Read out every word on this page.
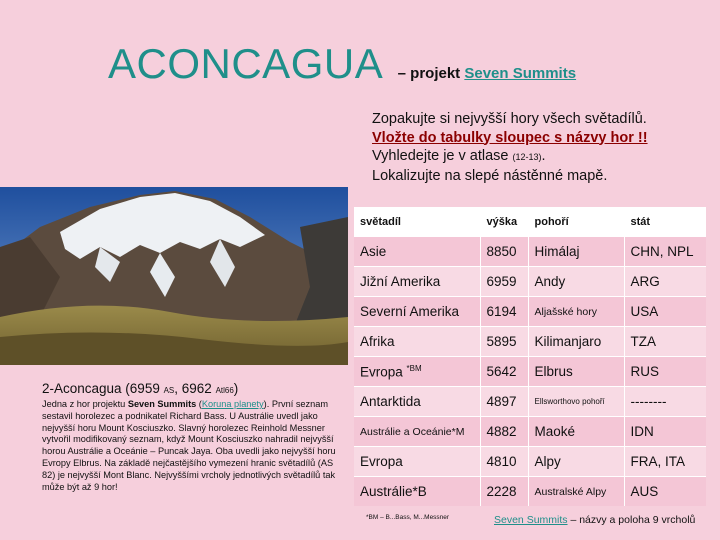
ACONCAGUA – projekt Seven Summits
Zopakujte si nejvyšší hory všech světadílů.
Vložte do tabulky sloupec s názvy hor !!
Vyhledejte je v atlase (12-13).
Lokalizujte na slepé nástěnné mapě.
2-Aconcagua (6959 AS, 6962 Atl66)
Jedna z hor projektu Seven Summits (Koruna planety). První seznam sestavil horolezec a podnikatel Richard Bass. U Austrálie uvedl jako nejvyšší horu Mount Kosciuszko. Slavný horolezec Reinhold Messner vytvořil modifikovaný seznam, když Mount Kosciuszko nahradil nejvyšší horou Austrálie a Oceánie – Puncak Jaya. Oba uvedli jako nejvyšší horu Evropy Elbrus. Na základě nejčastějšího vymezení hranic světadílů (AS 82) je nejvyšší Mont Blanc. Nejvyššími vrcholy jednotlivých světadílů tak může být až 9 hor!
světadíl	výška	pohoří	stát
Asie	8850	Himálaj	CHN, NPL
Jižní Amerika	6959	Andy	ARG
Severní Amerika	6194	Aljašské hory	USA
Afrika	5895	Kilimanjaro	TZA
Evropa $^{*BM}$	5642	Elbrus	RUS
Antarktida	4897	Ellsworthovo pohoří	--------
Austrálie a Oceánie*M	4882	Maoké	IDN
Evropa	4810	Alpy	FRA, ITA
Austrálie*B	2228	Australské Alpy	AUS
*BM – B...Bass, M...Messner	Seven Summits – názvy a poloha 9 vrcholů
